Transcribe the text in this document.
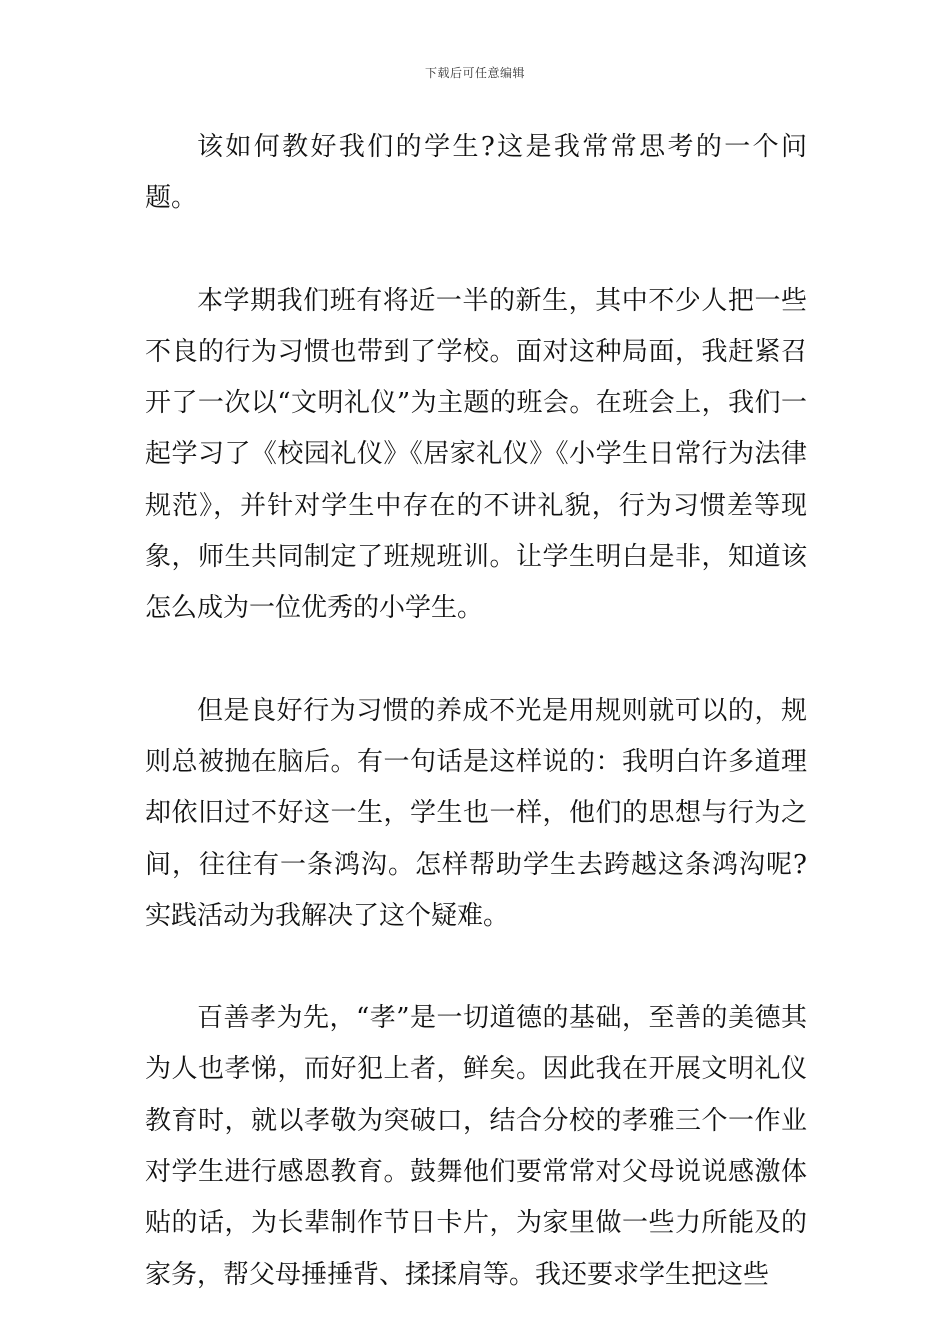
下载后可任意编辑

该如何教好我们的学生?这是我常常思考的一个问题。

本学期我们班有将近一半的新生，其中不少人把一些不良的行为习惯也带到了学校。面对这种局面，我赶紧召开了一次以“文明礼仪”为主题的班会。在班会上，我们一起学习了《校园礼仪》《居家礼仪》《小学生日常行为法律规范》，并针对学生中存在的不讲礼貌，行为习惯差等现象，师生共同制定了班规班训。让学生明白是非，知道该怎么成为一位优秀的小学生。

但是良好行为习惯的养成不光是用规则就可以的，规则总被抛在脑后。有一句话是这样说的：我明白许多道理却依旧过不好这一生，学生也一样，他们的思想与行为之间，往往有一条鸿沟。怎样帮助学生去跨越这条鸿沟呢?实践活动为我解决了这个疑难。

百善孝为先，“孝”是一切道德的基础，至善的美德其为人也孝悌，而好犯上者，鲜矣。因此我在开展文明礼仪教育时，就以孝敬为突破口，结合分校的孝雅三个一作业对学生进行感恩教育。鼓舞他们要常常对父母说说感激体贴的话，为长辈制作节日卡片，为家里做一些力所能及的家务，帮父母捶捶背、揉揉肩等。我还要求学生把这些
